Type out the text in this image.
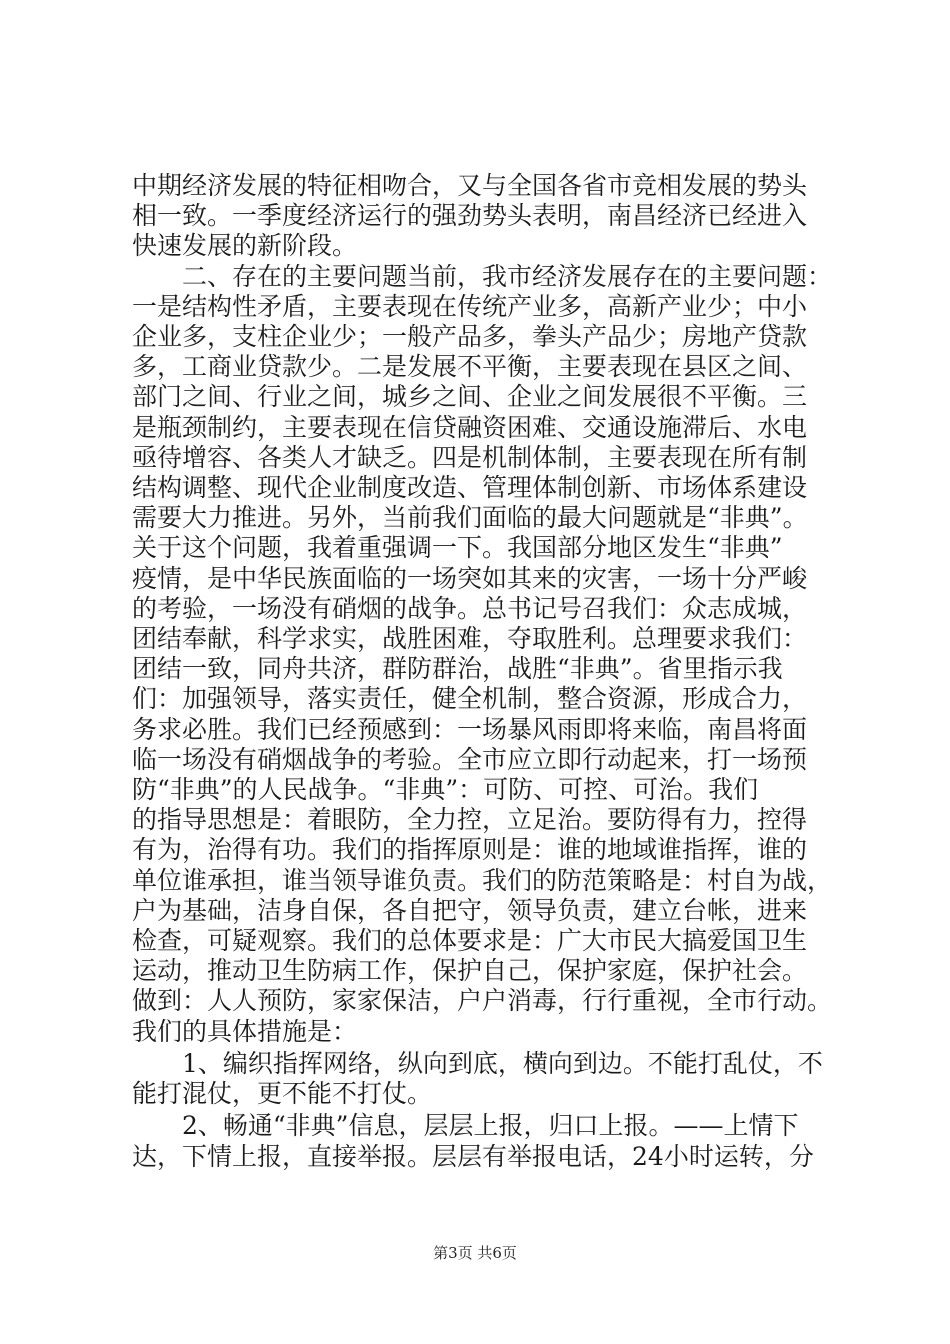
中期经济发展的特征相吻合，又与全国各省市竞相发展的势头
相一致。一季度经济运行的强劲势头表明，南昌经济已经进入
快速发展的新阶段。
二、存在的主要问题当前，我市经济发展存在的主要问题：
一是结构性矛盾，主要表现在传统产业多，高新产业少；中小
企业多，支柱企业少；一般产品多，拳头产品少；房地产贷款
多，工商业贷款少。二是发展不平衡，主要表现在县区之间、
部门之间、行业之间，城乡之间、企业之间发展很不平衡。三
是瓶颈制约，主要表现在信贷融资困难、交通设施滞后、水电
亟待增容、各类人才缺乏。四是机制体制，主要表现在所有制
结构调整、现代企业制度改造、管理体制创新、市场体系建设
需要大力推进。另外，当前我们面临的最大问题就是“非典”。
关于这个问题，我着重强调一下。我国部分地区发生“非典”
疫情，是中华民族面临的一场突如其来的灾害，一场十分严峻
的考验，一场没有硝烟的战争。总书记号召我们：众志成城，
团结奉献，科学求实，战胜困难，夺取胜利。总理要求我们：
团结一致，同舟共济，群防群治，战胜“非典”。省里指示我
们：加强领导，落实责任，健全机制，整合资源，形成合力，
务求必胜。我们已经预感到：一场暴风雨即将来临，南昌将面
临一场没有硝烟战争的考验。全市应立即行动起来，打一场预
防“非典”的人民战争。“非典”：可防、可控、可治。我们
的指导思想是：着眼防，全力控，立足治。要防得有力，控得
有为，治得有功。我们的指挥原则是：谁的地域谁指挥，谁的
单位谁承担，谁当领导谁负责。我们的防范策略是：村自为战，
户为基础，洁身自保，各自把守，领导负责，建立台帐，进来
检查，可疑观察。我们的总体要求是：广大市民大搞爱国卫生
运动，推动卫生防病工作，保护自己，保护家庭，保护社会。
做到：人人预防，家家保洁，户户消毒，行行重视，全市行动。
我们的具体措施是：
1、编织指挥网络，纵向到底，横向到边。不能打乱仗，不
能打混仗，更不能不打仗。
2、畅通“非典”信息，层层上报，归口上报。——上情下
达，下情上报，直接举报。层层有举报电话，24小时运转，分
第3页 共6页
